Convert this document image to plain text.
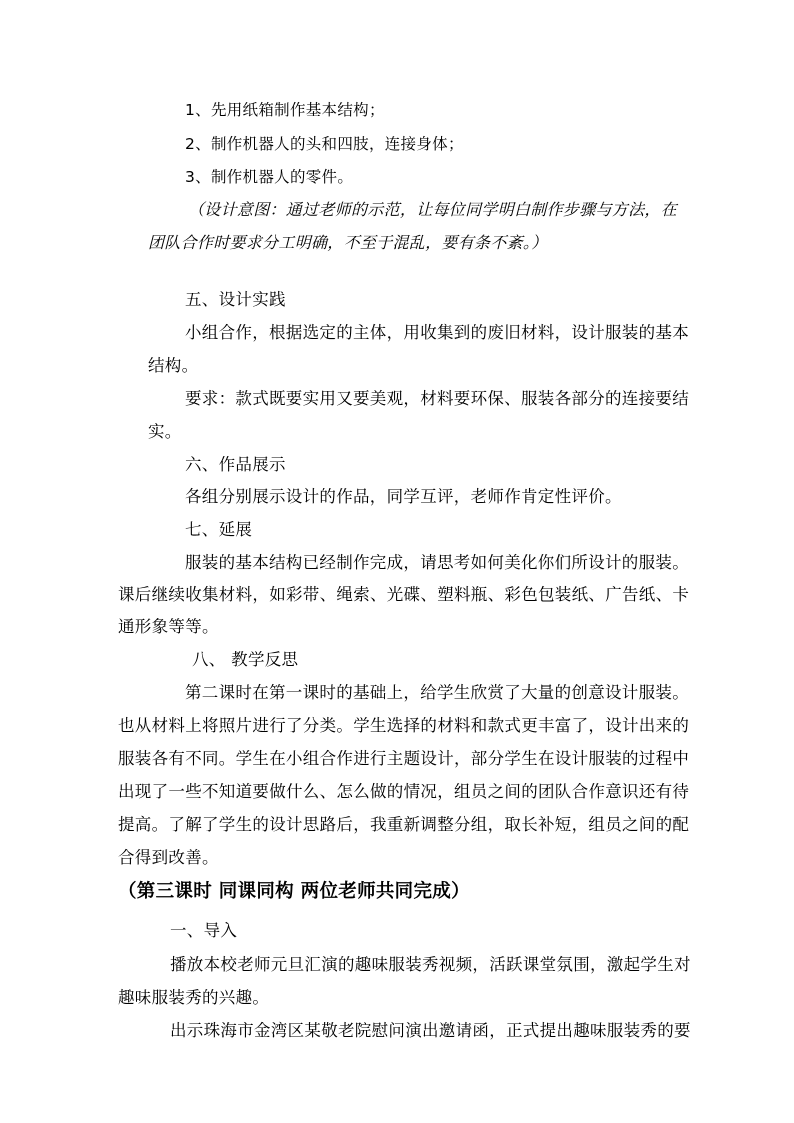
1、先用纸箱制作基本结构；
2、制作机器人的头和四肢，连接身体；
3、制作机器人的零件。
（设计意图：通过老师的示范，让每位同学明白制作步骤与方法，在
团队合作时要求分工明确，不至于混乱，要有条不紊。）
五、设计实践
小组合作，根据选定的主体，用收集到的废旧材料，设计服装的基本
结构。
要求：款式既要实用又要美观，材料要环保、服装各部分的连接要结
实。
六、作品展示
各组分别展示设计的作品，同学互评，老师作肯定性评价。
七、延展
服装的基本结构已经制作完成，请思考如何美化你们所设计的服装。
课后继续收集材料，如彩带、绳索、光碟、塑料瓶、彩色包装纸、广告纸、卡
通形象等等。
八、 教学反思
第二课时在第一课时的基础上，给学生欣赏了大量的创意设计服装。
也从材料上将照片进行了分类。学生选择的材料和款式更丰富了，设计出来的
服装各有不同。学生在小组合作进行主题设计，部分学生在设计服装的过程中
出现了一些不知道要做什么、怎么做的情况，组员之间的团队合作意识还有待
提高。了解了学生的设计思路后，我重新调整分组，取长补短，组员之间的配
合得到改善。
（第三课时 同课同构 两位老师共同完成）
一、导入
播放本校老师元旦汇演的趣味服装秀视频，活跃课堂氛围，激起学生对
趣味服装秀的兴趣。
出示珠海市金湾区某敬老院慰问演出邀请函，正式提出趣味服装秀的要
